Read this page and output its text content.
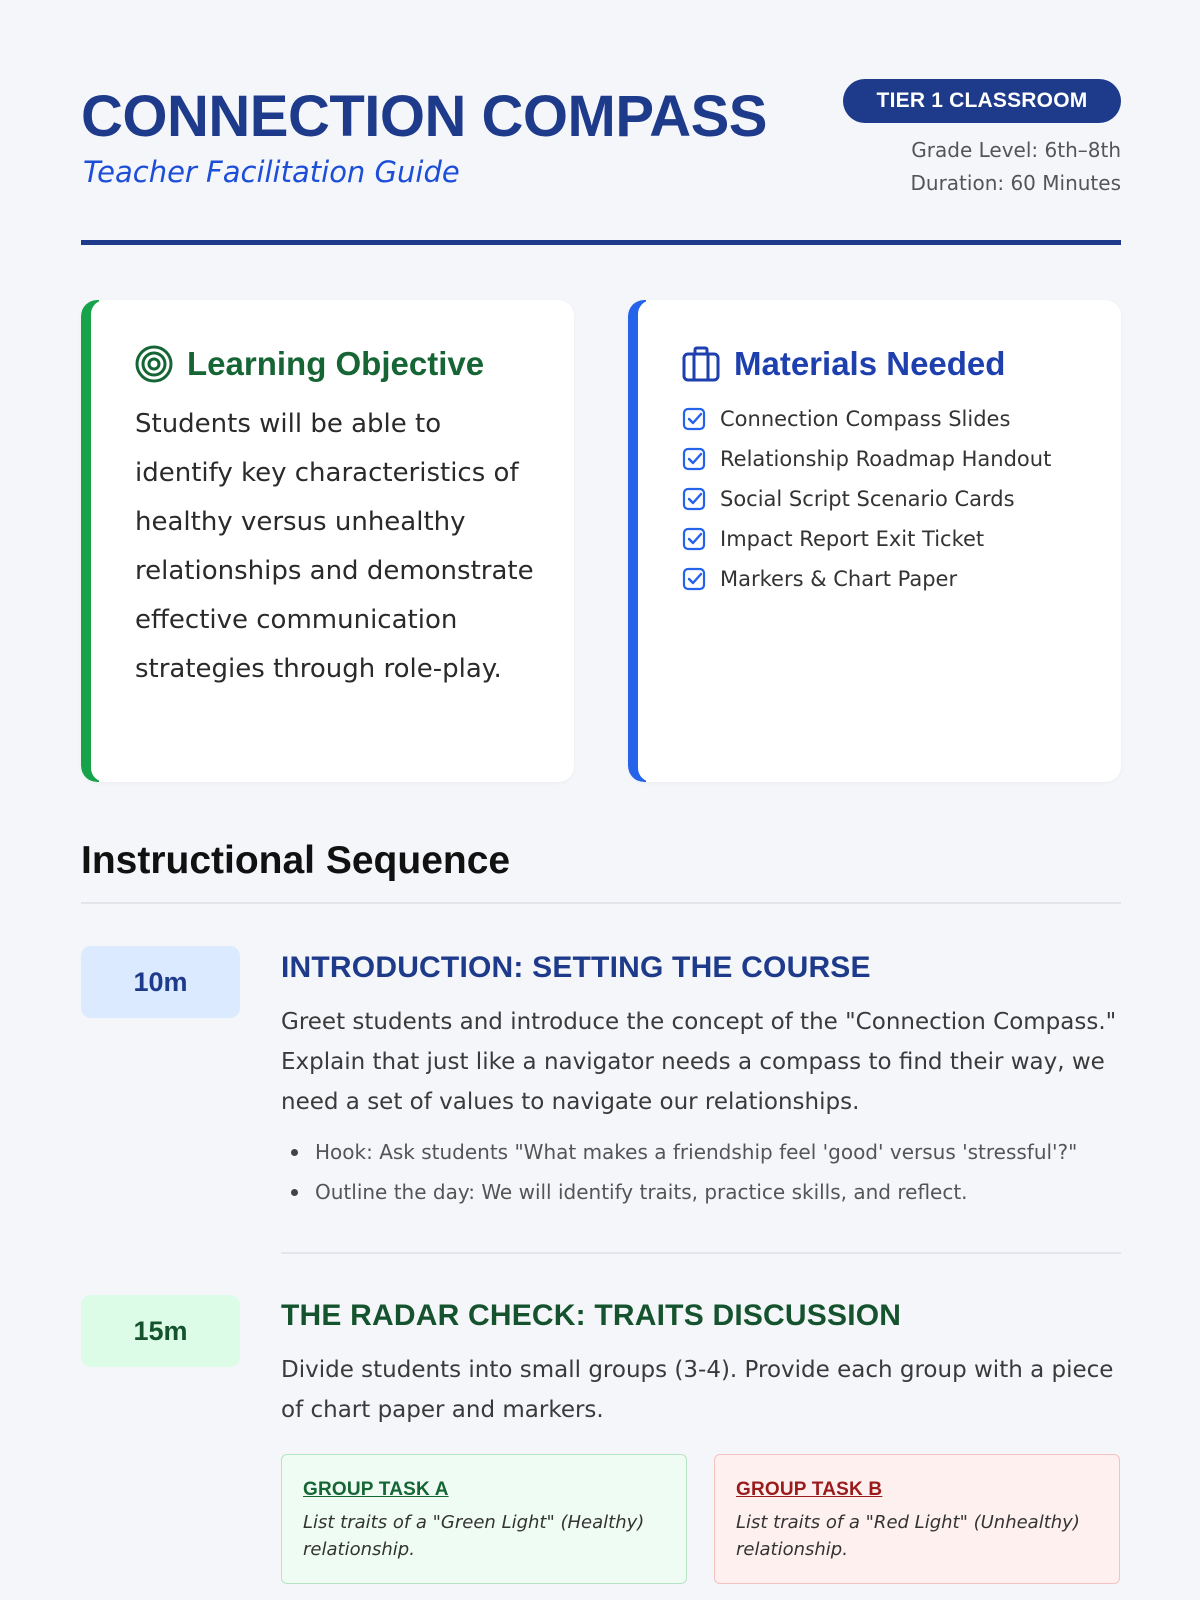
CONNECTION COMPASS
Teacher Facilitation Guide
TIER 1 CLASSROOM
Grade Level: 6th–8th
Duration: 60 Minutes
Learning Objective
Students will be able to identify key characteristics of healthy versus unhealthy relationships and demonstrate effective communication strategies through role-play.
Materials Needed
Connection Compass Slides
Relationship Roadmap Handout
Social Script Scenario Cards
Impact Report Exit Ticket
Markers & Chart Paper
Instructional Sequence
10m	INTRODUCTION: SETTING THE COURSE
Greet students and introduce the concept of the "Connection Compass." Explain that just like a navigator needs a compass to find their way, we need a set of values to navigate our relationships.
Hook: Ask students "What makes a friendship feel 'good' versus 'stressful'?"
Outline the day: We will identify traits, practice skills, and reflect.
15m	THE RADAR CHECK: TRAITS DISCUSSION
Divide students into small groups (3-4). Provide each group with a piece of chart paper and markers.
GROUP TASK A
List traits of a "Green Light" (Healthy) relationship.
GROUP TASK B
List traits of a "Red Light" (Unhealthy) relationship.
